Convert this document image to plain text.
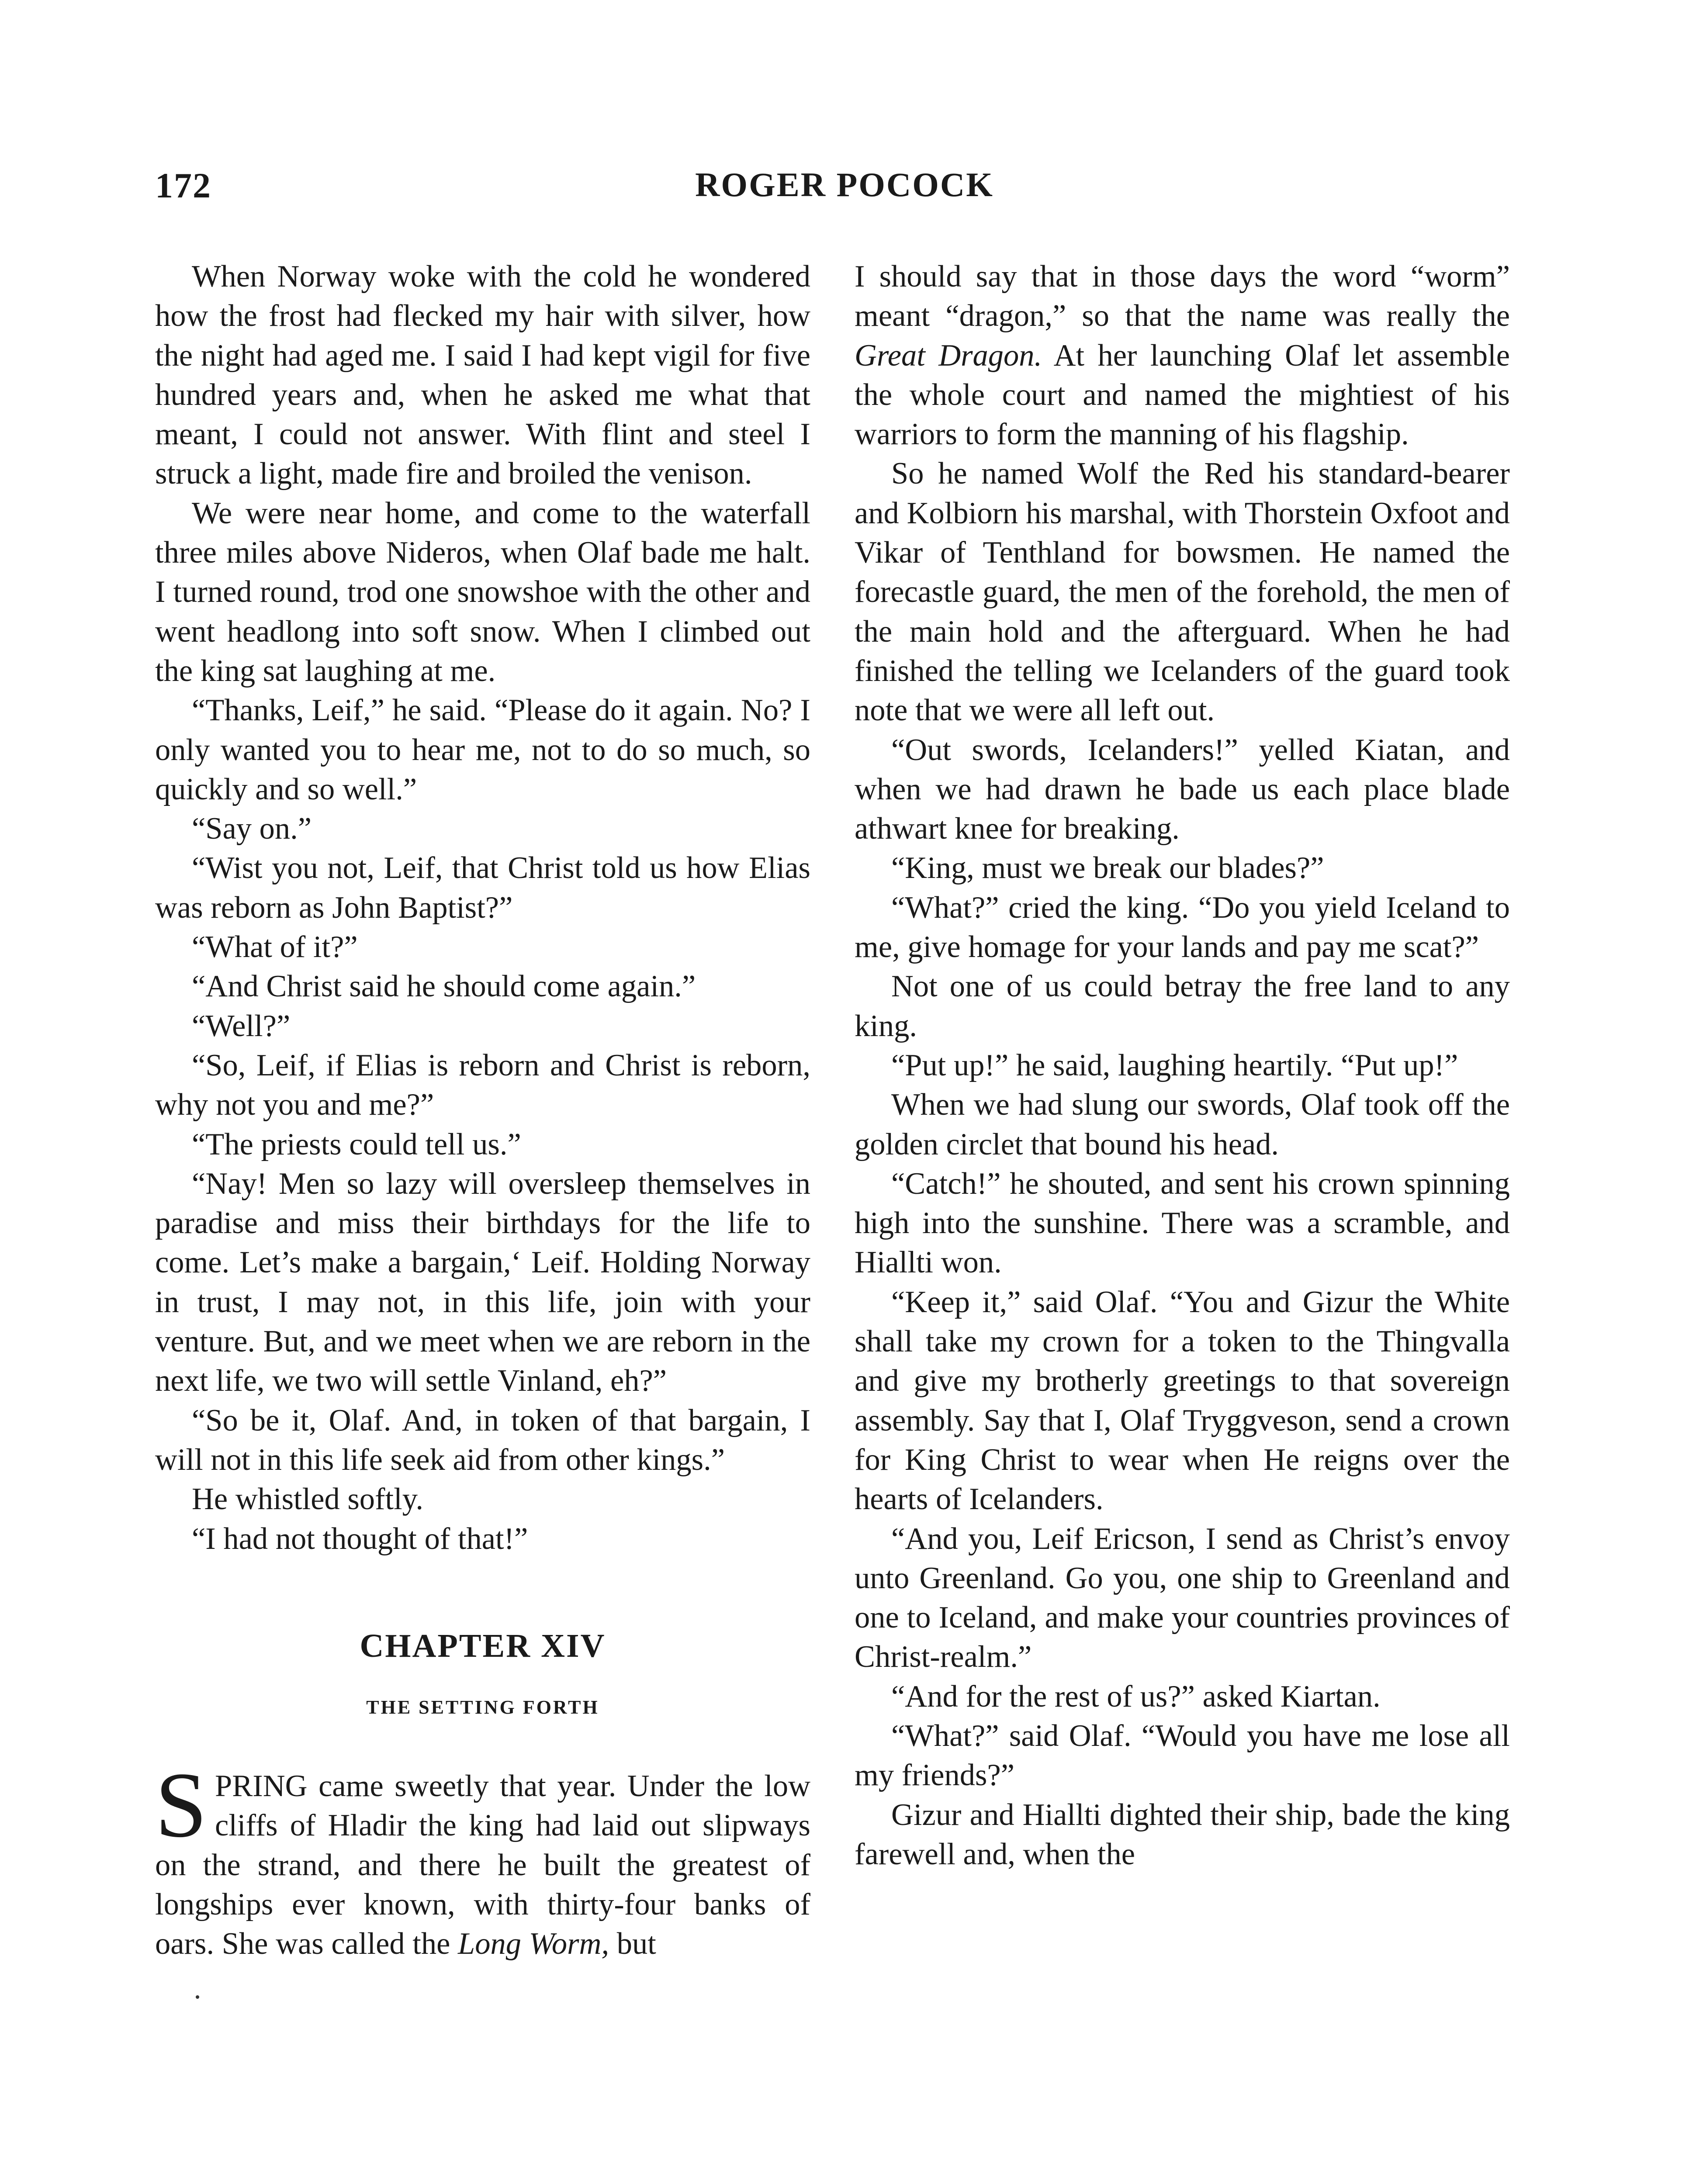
172	ROGER POCOCK

When Norway woke with the cold he wondered how the frost had flecked my hair with silver, how the night had aged me. I said I had kept vigil for five hundred years and, when he asked me what that meant, I could not answer. With flint and steel I struck a light, made fire and broiled the venison.

We were near home, and come to the waterfall three miles above Nideros, when Olaf bade me halt. I turned round, trod one snowshoe with the other and went headlong into soft snow. When I climbed out the king sat laughing at me.

“Thanks, Leif,” he said. “Please do it again. No? I only wanted you to hear me, not to do so much, so quickly and so well.”

“Say on.”

“Wist you not, Leif, that Christ told us how Elias was reborn as John Baptist?”

“What of it?”

“And Christ said he should come again.”

“Well?”

“So, Leif, if Elias is reborn and Christ is reborn, why not you and me?”

“The priests could tell us.”

“Nay! Men so lazy will oversleep themselves in paradise and miss their birthdays for the life to come. Let’s make a bargain,‘ Leif. Holding Norway in trust, I may not, in this life, join with your venture. But, and we meet when we are reborn in the next life, we two will settle Vinland, eh?”

“So be it, Olaf. And, in token of that bargain, I will not in this life seek aid from other kings.”

He whistled softly.

“I had not thought of that!”

CHAPTER XIV
THE SETTING FORTH

SPRING came sweetly that year. Under the low cliffs of Hladir the king had laid out slipways on the strand, and there he built the greatest of longships ever known, with thirty-four banks of oars. She was called the Long Worm, but

I should say that in those days the word “worm” meant “dragon,” so that the name was really the Great Dragon. At her launching Olaf let assemble the whole court and named the mightiest of his warriors to form the manning of his flagship.

So he named Wolf the Red his standard-bearer and Kolbiorn his marshal, with Thorstein Oxfoot and Vikar of Tenthland for bowsmen. He named the forecastle guard, the men of the forehold, the men of the main hold and the afterguard. When he had finished the telling we Icelanders of the guard took note that we were all left out.

“Out swords, Icelanders!” yelled Kiatan, and when we had drawn he bade us each place blade athwart knee for breaking.

“King, must we break our blades?”

“What?” cried the king. “Do you yield Iceland to me, give homage for your lands and pay me scat?”

Not one of us could betray the free land to any king.

“Put up!” he said, laughing heartily. “Put up!”

When we had slung our swords, Olaf took off the golden circlet that bound his head.

“Catch!” he shouted, and sent his crown spinning high into the sunshine. There was a scramble, and Hiallti won.

“Keep it,” said Olaf. “You and Gizur the White shall take my crown for a token to the Thingvalla and give my brotherly greetings to that sovereign assembly. Say that I, Olaf Tryggveson, send a crown for King Christ to wear when He reigns over the hearts of Icelanders.

“And you, Leif Ericson, I send as Christ’s envoy unto Greenland. Go you, one ship to Greenland and one to Iceland, and make your countries provinces of Christ-realm.”

“And for the rest of us?” asked Kiartan.

“What?” said Olaf. “Would you have me lose all my friends?”

Gizur and Hiallti dighted their ship, bade the king farewell and, when the
